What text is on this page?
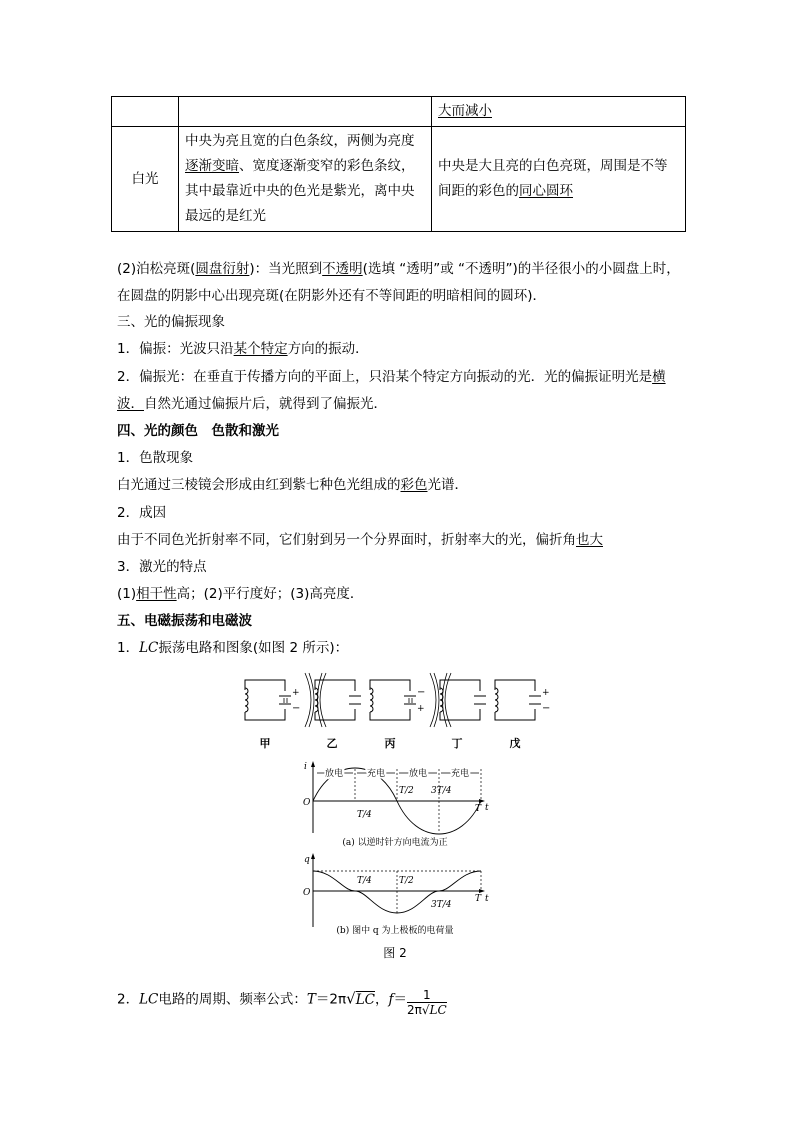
		大而减小
白光	中央为亮且宽的白色条纹，两侧为亮度
逐渐变暗、宽度逐渐变窄的彩色条纹，
其中最靠近中央的色光是紫光，离中央
最远的是红光	中央是大且亮的白色亮斑，周围是不等
间距的彩色的同心圆环
(2)泊松亮斑(圆盘衍射)：当光照到不透明(选填 “透明”或 “不透明”)的半径很小的小圆盘上时，在圆盘的阴影中心出现亮斑(在阴影外还有不等间距的明暗相间的圆环)．
三、光的偏振现象
1．偏振：光波只沿某个特定方向的振动．
2．偏振光：在垂直于传播方向的平面上，只沿某个特定方向振动的光．光的偏振证明光是横波．自然光通过偏振片后，就得到了偏振光．
四、光的颜色　色散和激光
1．色散现象
白光通过三棱镜会形成由红到紫七种色光组成的彩色光谱．
2．成因
由于不同色光折射率不同，它们射到另一个分界面时，折射率大的光，偏折角也大
3．激光的特点
(1)相干性高；(2)平行度好；(3)高亮度．
五、电磁振荡和电磁波
1．LC振荡电路和图象(如图 2 所示)：
+
−
甲	乙
−
+
丙	丁
+
−
戊
i
O	t
放电	充电	放电	充电
T/4
T/2 3T/4
T
(a) 以逆时针方向电流为正
q
O
t
T/4	T/2
3T/4
T
(b) 图中 q 为上极板的电荷量
图 2
2．LC电路的周期、频率公式：T＝2π√LC，$f= \frac{1}{2\pi√LC}$
